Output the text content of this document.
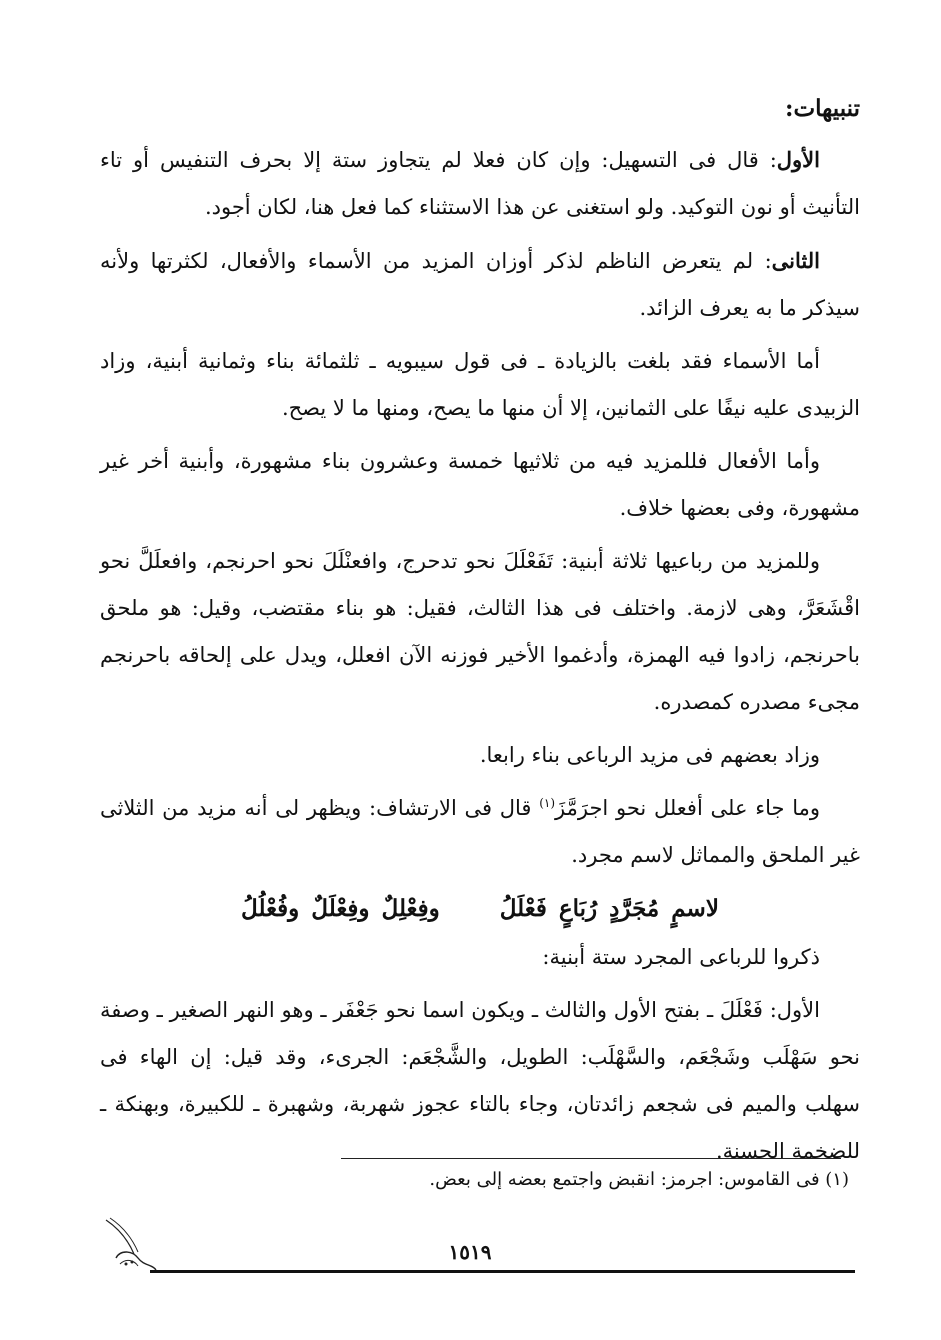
تنبيهات:

الأول: قال فى التسهيل: وإن كان فعلا لم يتجاوز ستة إلا بحرف التنفيس أو تاء التأنيث أو نون التوكيد. ولو استغنى عن هذا الاستثناء كما فعل هنا، لكان أجود.

الثانى: لم يتعرض الناظم لذكر أوزان المزيد من الأسماء والأفعال، لكثرتها ولأنه سيذكر ما به يعرف الزائد.

أما الأسماء فقد بلغت بالزيادة ـ فى قول سيبويه ـ ثلثمائة بناء وثمانية أبنية، وزاد الزبيدى عليه نيفًا على الثمانين، إلا أن منها ما يصح، ومنها ما لا يصح.

وأما الأفعال فللمزيد فيه من ثلاثيها خمسة وعشرون بناء مشهورة، وأبنية أخر غير مشهورة، وفى بعضها خلاف.

وللمزيد من رباعيها ثلاثة أبنية: تَفَعْلَلَ نحو تدحرج، وافعنْلَلَ نحو احرنجم، وافعلَلَّ نحو اقْشَعَرَّ، وهى لازمة. واختلف فى هذا الثالث، فقيل: هو بناء مقتضب، وقيل: هو ملحق باحرنجم، زادوا فيه الهمزة، وأدغموا الأخير فوزنه الآن افعلل، ويدل على إلحاقه باحرنجم مجىء مصدره كمصدره.

وزاد بعضهم فى مزيد الرباعى بناء رابعا.

وما جاء على أفعلل نحو اجرَمَّزَ$^{(١)}$ قال فى الارتشاف: ويظهر لى أنه مزيد من الثلاثى غير الملحق والمماثل لاسم مجرد.

لاسمٍ مُجَرَّدٍ رُبَاعٍ فَعْلَلُوفِعْلِلٌ وفِعْلَلٌ وفُعْلُلُ

ذكروا للرباعى المجرد ستة أبنية:

الأول: فَعْلَلَ ـ بفتح الأول والثالث ـ ويكون اسما نحو جَعْفَر ـ وهو النهر الصغير ـ وصفة نحو سَهْلَب وشَجْعَم، والسَّهْلَب: الطويل، والشَّجْعَم: الجرىء، وقد قيل: إن الهاء فى سهلب والميم فى شجعم زائدتان، وجاء بالتاء عجوز شهربة، وشهبرة ـ للكبيرة، وبهنكة ـ للضخمة الحسنة.

(١) فى القاموس: اجرمز: انقبض واجتمع بعضه إلى بعض.
١٥١٩
